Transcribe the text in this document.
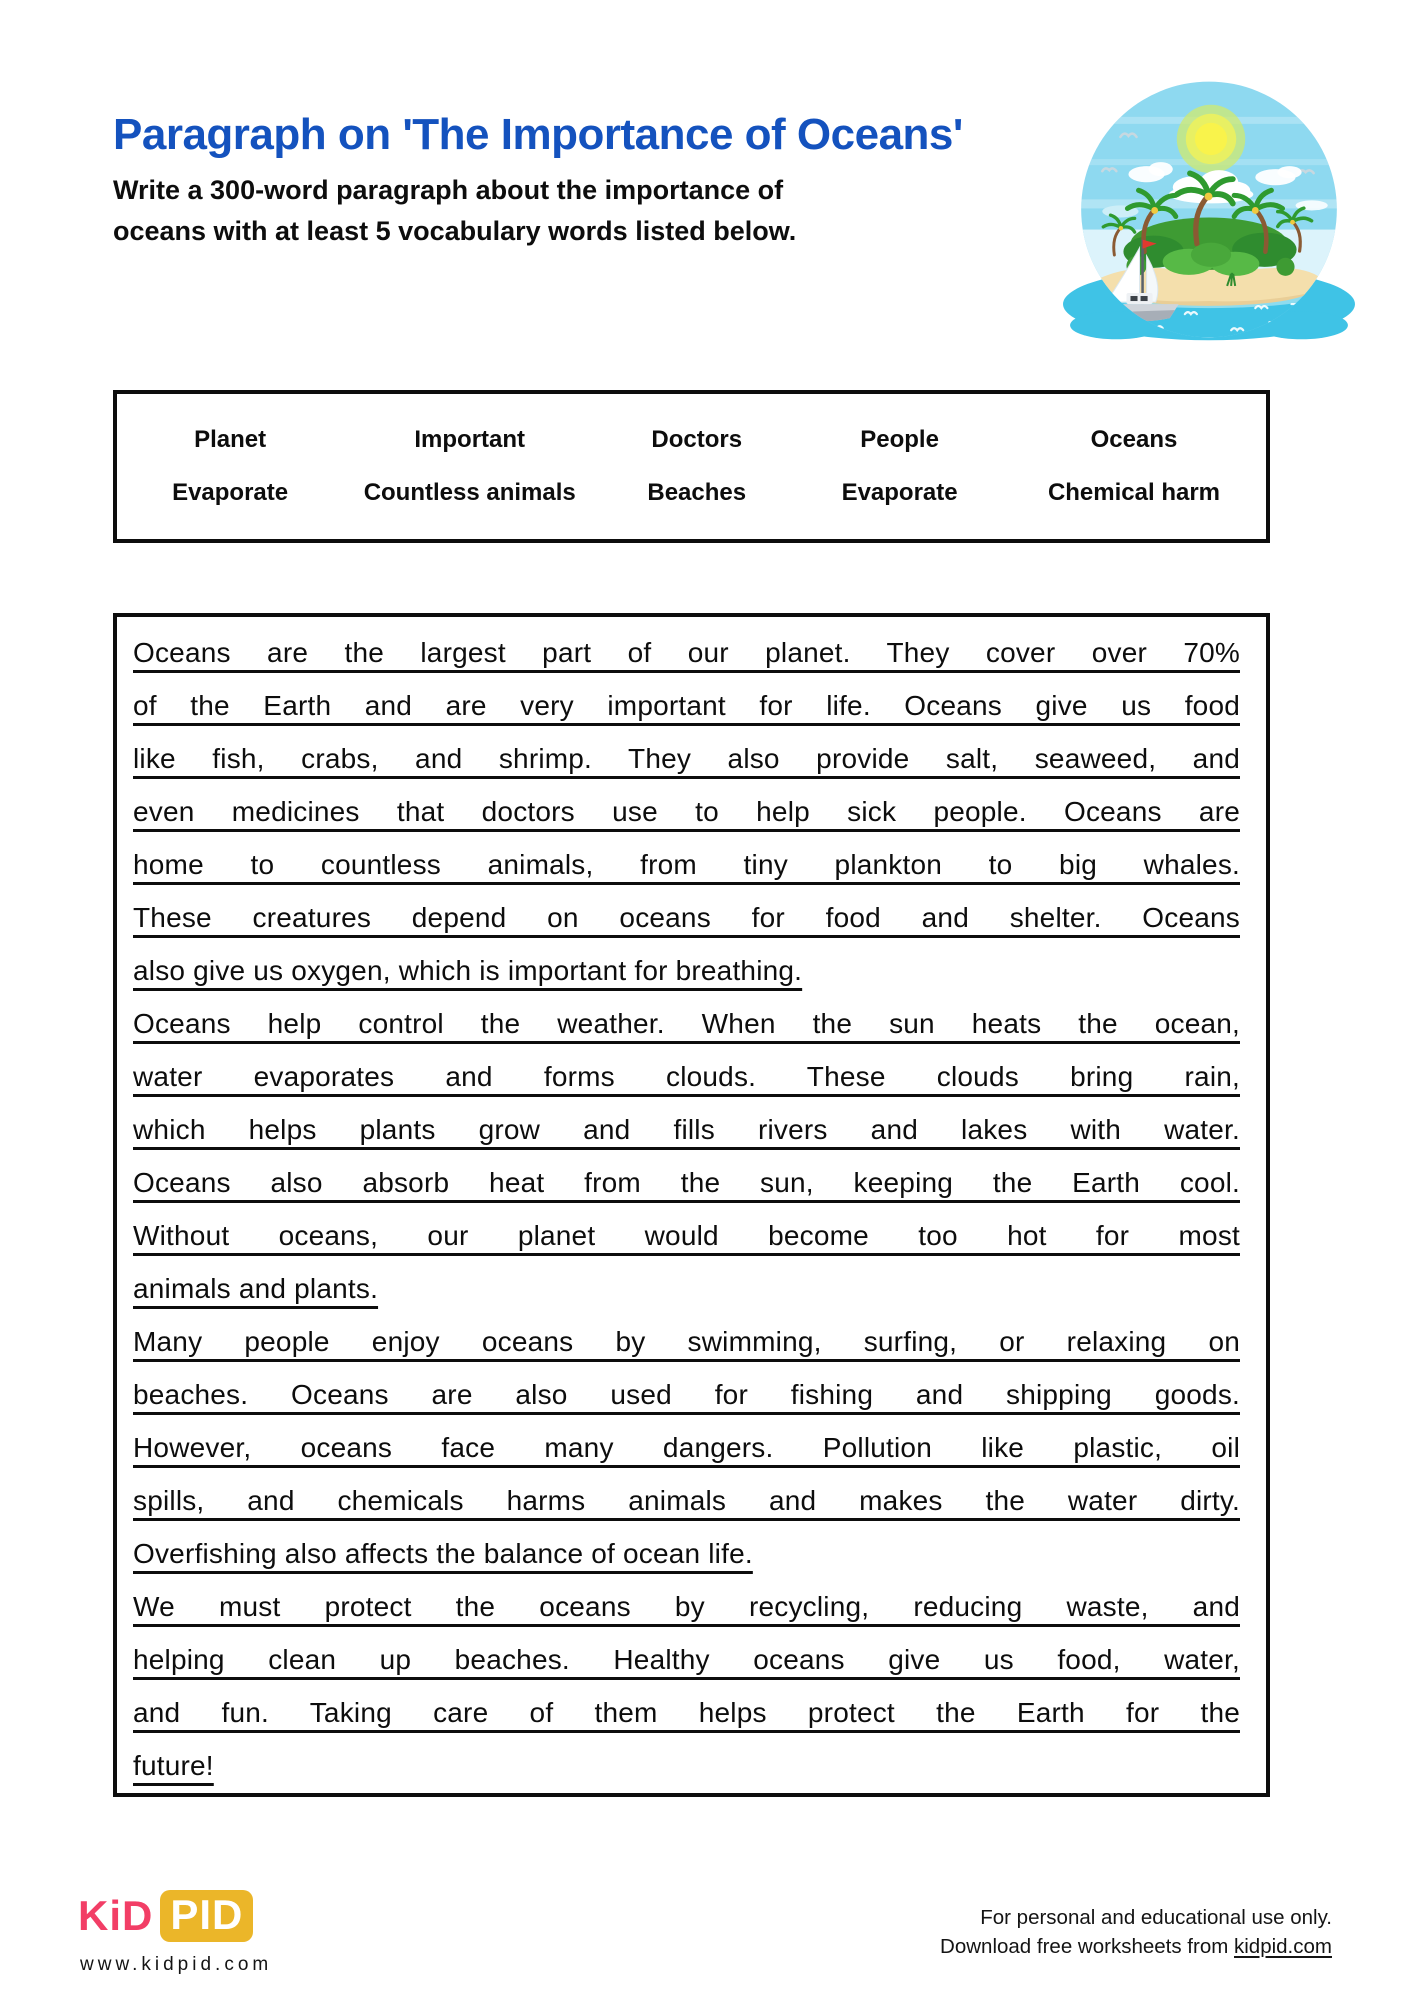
Paragraph on 'The Importance of Oceans'

Write a 300-word paragraph about the importance of
oceans with at least 5 vocabulary words listed below.

Planet	Important	Doctors	People	Oceans
Evaporate	Countless animals	Beaches	Evaporate	Chemical harm
Oceans are the largest part of our planet. They cover over 70%
of the Earth and are very important for life. Oceans give us food
like fish, crabs, and shrimp. They also provide salt, seaweed, and
even medicines that doctors use to help sick people. Oceans are
home to countless animals, from tiny plankton to big whales.
These creatures depend on oceans for food and shelter. Oceans
also give us oxygen, which is important for breathing.
Oceans help control the weather. When the sun heats the ocean,
water evaporates and forms clouds. These clouds bring rain,
which helps plants grow and fills rivers and lakes with water.
Oceans also absorb heat from the sun, keeping the Earth cool.
Without oceans, our planet would become too hot for most
animals and plants.
Many people enjoy oceans by swimming, surfing, or relaxing on
beaches. Oceans are also used for fishing and shipping goods.
However, oceans face many dangers. Pollution like plastic, oil
spills, and chemicals harms animals and makes the water dirty.
Overfishing also affects the balance of ocean life.
We must protect the oceans by recycling, reducing waste, and
helping clean up beaches. Healthy oceans give us food, water,
and fun. Taking care of them helps protect the Earth for the
future!
KiD PID
www.kidpid.com
For personal and educational use only.
Download free worksheets from kidpid.com
